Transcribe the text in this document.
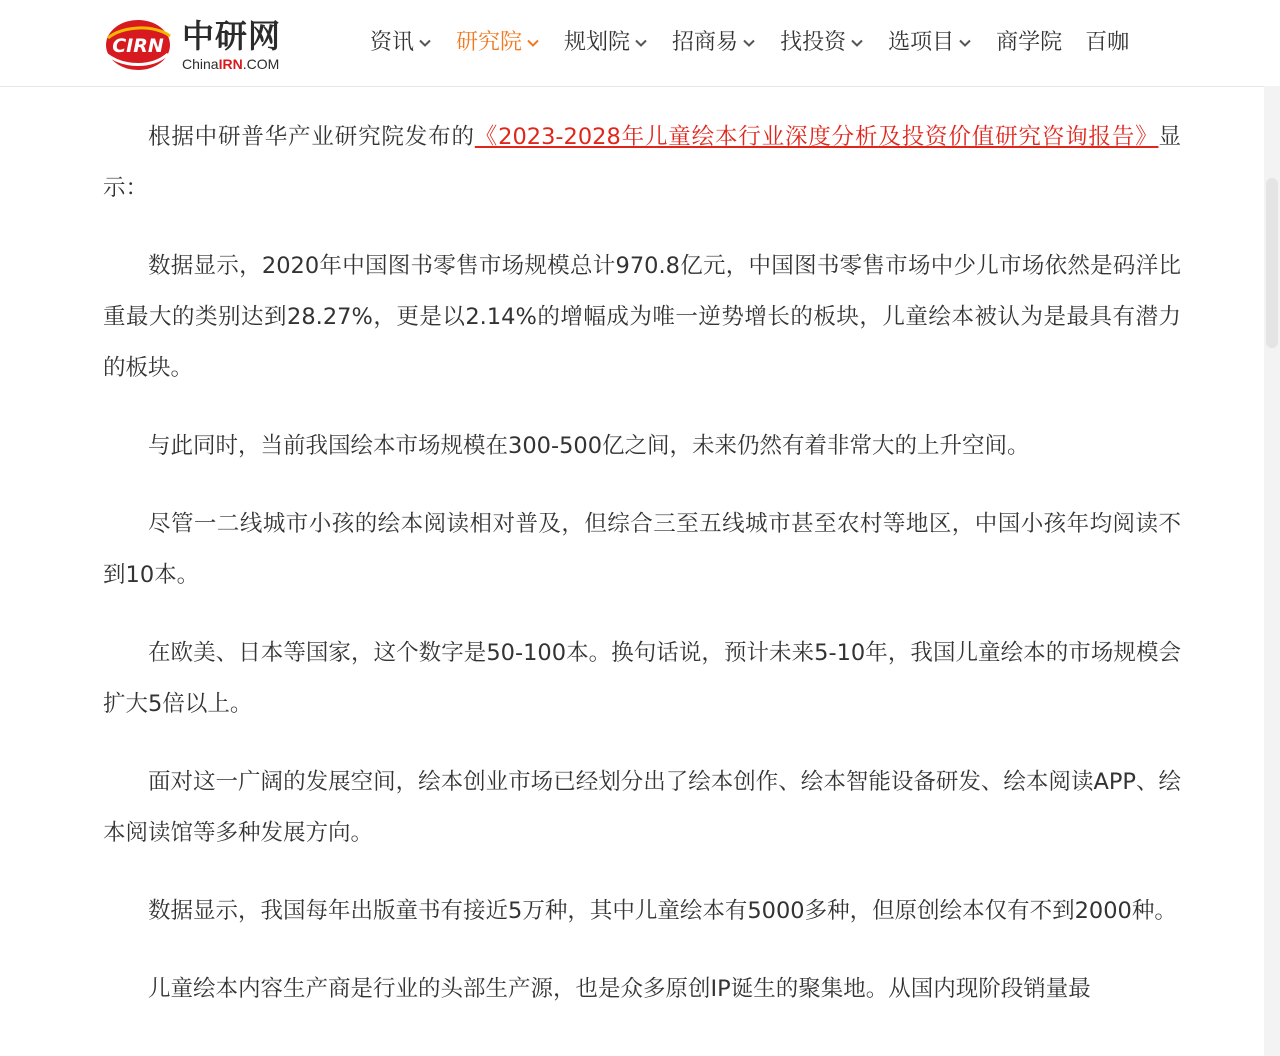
CIRN 中研网
ChinaIRN.COM
资讯 研究院 规划院 招商易 找投资 选项目 商学院 百咖

根据中研普华产业研究院发布的《2023-2028年儿童绘本行业深度分析及投资价值研究咨询报告》显示：

数据显示，2020年中国图书零售市场规模总计970.8亿元，中国图书零售市场中少儿市场依然是码洋比重最大的类别达到28.27%，更是以2.14%的增幅成为唯一逆势增长的板块，儿童绘本被认为是最具有潜力的板块。

与此同时，当前我国绘本市场规模在300-500亿之间，未来仍然有着非常大的上升空间。

尽管一二线城市小孩的绘本阅读相对普及，但综合三至五线城市甚至农村等地区，中国小孩年均阅读不到10本。

在欧美、日本等国家，这个数字是50-100本。换句话说，预计未来5-10年，我国儿童绘本的市场规模会扩大5倍以上。

面对这一广阔的发展空间，绘本创业市场已经划分出了绘本创作、绘本智能设备研发、绘本阅读APP、绘本阅读馆等多种发展方向。

数据显示，我国每年出版童书有接近5万种，其中儿童绘本有5000多种，但原创绘本仅有不到2000种。

儿童绘本内容生产商是行业的头部生产源，也是众多原创IP诞生的聚集地。从国内现阶段销量最
